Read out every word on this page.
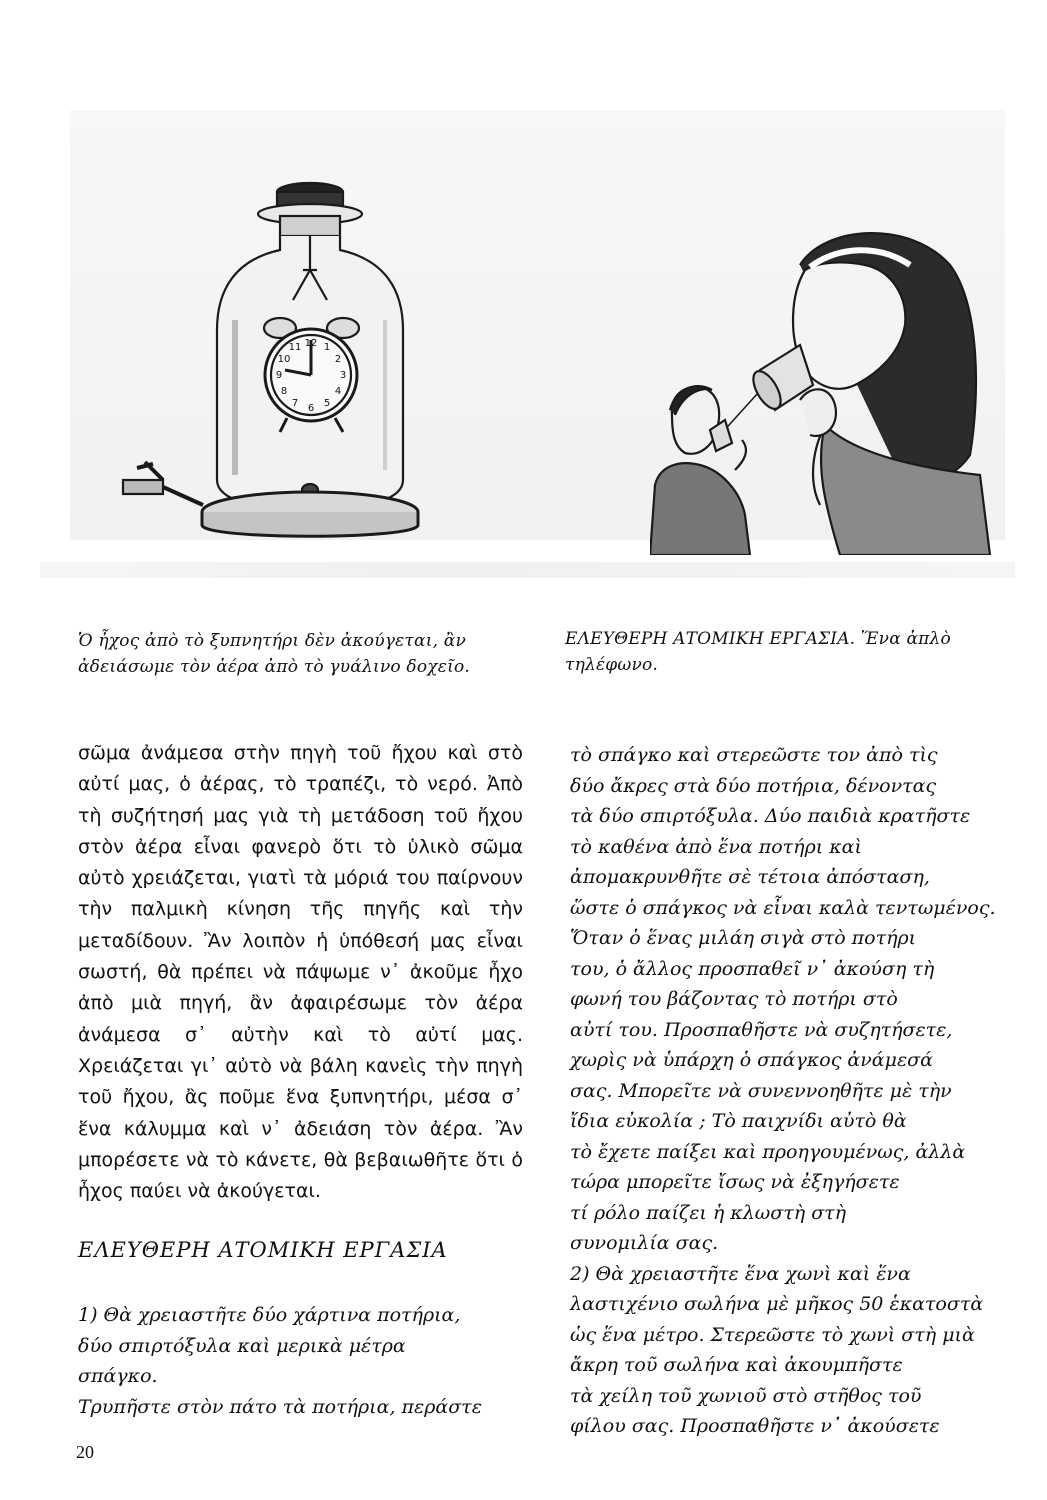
12 1
2
3
4
5
6
7
8
9
10
11
Ὁ ἦχος ἀπὸ τὸ ξυπνητήρι δὲν ἀκούγεται, ἂν ἀδειάσωμε τὸν ἀέρα ἀπὸ τὸ γυάλινο δοχεῖο.
ΕΛΕΥΘΕΡΗ ΑΤΟΜΙΚΗ ΕΡΓΑΣΙΑ. Ἕνα ἁπλὸ τηλέφωνο.

σῶμα ἀνάμεσα στὴν πηγὴ τοῦ ἤχου καὶ στὸ αὐτί μας, ὁ ἀέρας, τὸ τραπέζι, τὸ νερό. Ἀπὸ τὴ συζήτησή μας γιὰ τὴ μετάδοση τοῦ ἤχου στὸν ἀέρα εἶναι φανερὸ ὅτι τὸ ὑλικὸ σῶμα αὐτὸ χρειάζεται, γιατὶ τὰ μόριά του παίρνουν τὴν παλμικὴ κίνηση τῆς πηγῆς καὶ τὴν μεταδίδουν. Ἂν λοιπὸν ἡ ὑπόθεσή μας εἶναι σωστή, θὰ πρέπει νὰ πάψωμε ν᾿ ἀκοῦμε ἦχο ἀπὸ μιὰ πηγή, ἂν ἀφαιρέσωμε τὸν ἀέρα ἀνάμεσα σ᾿ αὐτὴν καὶ τὸ αὐτί μας. Χρειάζεται γι᾿ αὐτὸ νὰ βάλη κανεὶς τὴν πηγὴ τοῦ ἤχου, ἂς ποῦμε ἕνα ξυπνητήρι, μέσα σ᾿ ἕνα κάλυμμα καὶ ν᾿ ἀδειάση τὸν ἀέρα. Ἂν μπορέσετε νὰ τὸ κάνετε, θὰ βεβαιωθῆτε ὅτι ὁ ἦχος παύει νὰ ἀκούγεται.

ΕΛΕΥΘΕΡΗ ΑΤΟΜΙΚΗ ΕΡΓΑΣΙΑ
1) Θὰ χρειαστῆτε δύο χάρτινα ποτήρια,
δύο σπιρτόξυλα καὶ μερικὰ μέτρα
σπάγκο.
Τρυπῆστε στὸν πάτο τὰ ποτήρια, περάστε
τὸ σπάγκο καὶ στερεῶστε τον ἀπὸ τὶς
δύο ἄκρες στὰ δύο ποτήρια, δένοντας
τὰ δύο σπιρτόξυλα. Δύο παιδιὰ κρατῆστε
τὸ καθένα ἀπὸ ἕνα ποτήρι καὶ
ἀπομακρυνθῆτε σὲ τέτοια ἀπόσταση,
ὥστε ὁ σπάγκος νὰ εἶναι καλὰ τεντωμένος.
Ὅταν ὁ ἕνας μιλάη σιγὰ στὸ ποτήρι
του, ὁ ἄλλος προσπαθεῖ ν᾿ ἀκούση τὴ
φωνή του βάζοντας τὸ ποτήρι στὸ
αὐτί του. Προσπαθῆστε νὰ συζητήσετε,
χωρὶς νὰ ὑπάρχη ὁ σπάγκος ἀνάμεσά
σας. Μπορεῖτε νὰ συνεννοηθῆτε μὲ τὴν
ἴδια εὐκολία ; Τὸ παιχνίδι αὐτὸ θὰ
τὸ ἔχετε παίξει καὶ προηγουμένως, ἀλλὰ
τώρα μπορεῖτε ἴσως νὰ ἐξηγήσετε
τί ρόλο παίζει ἡ κλωστὴ στὴ
συνομιλία σας.
2) Θὰ χρειαστῆτε ἕνα χωνὶ καὶ ἕνα
λαστιχένιο σωλήνα μὲ μῆκος 50 ἑκατοστὰ
ὡς ἕνα μέτρο. Στερεῶστε τὸ χωνὶ στὴ μιὰ
ἄκρη τοῦ σωλήνα καὶ ἀκουμπῆστε
τὰ χείλη τοῦ χωνιοῦ στὸ στῆθος τοῦ
φίλου σας. Προσπαθῆστε ν᾿ ἀκούσετε
20
